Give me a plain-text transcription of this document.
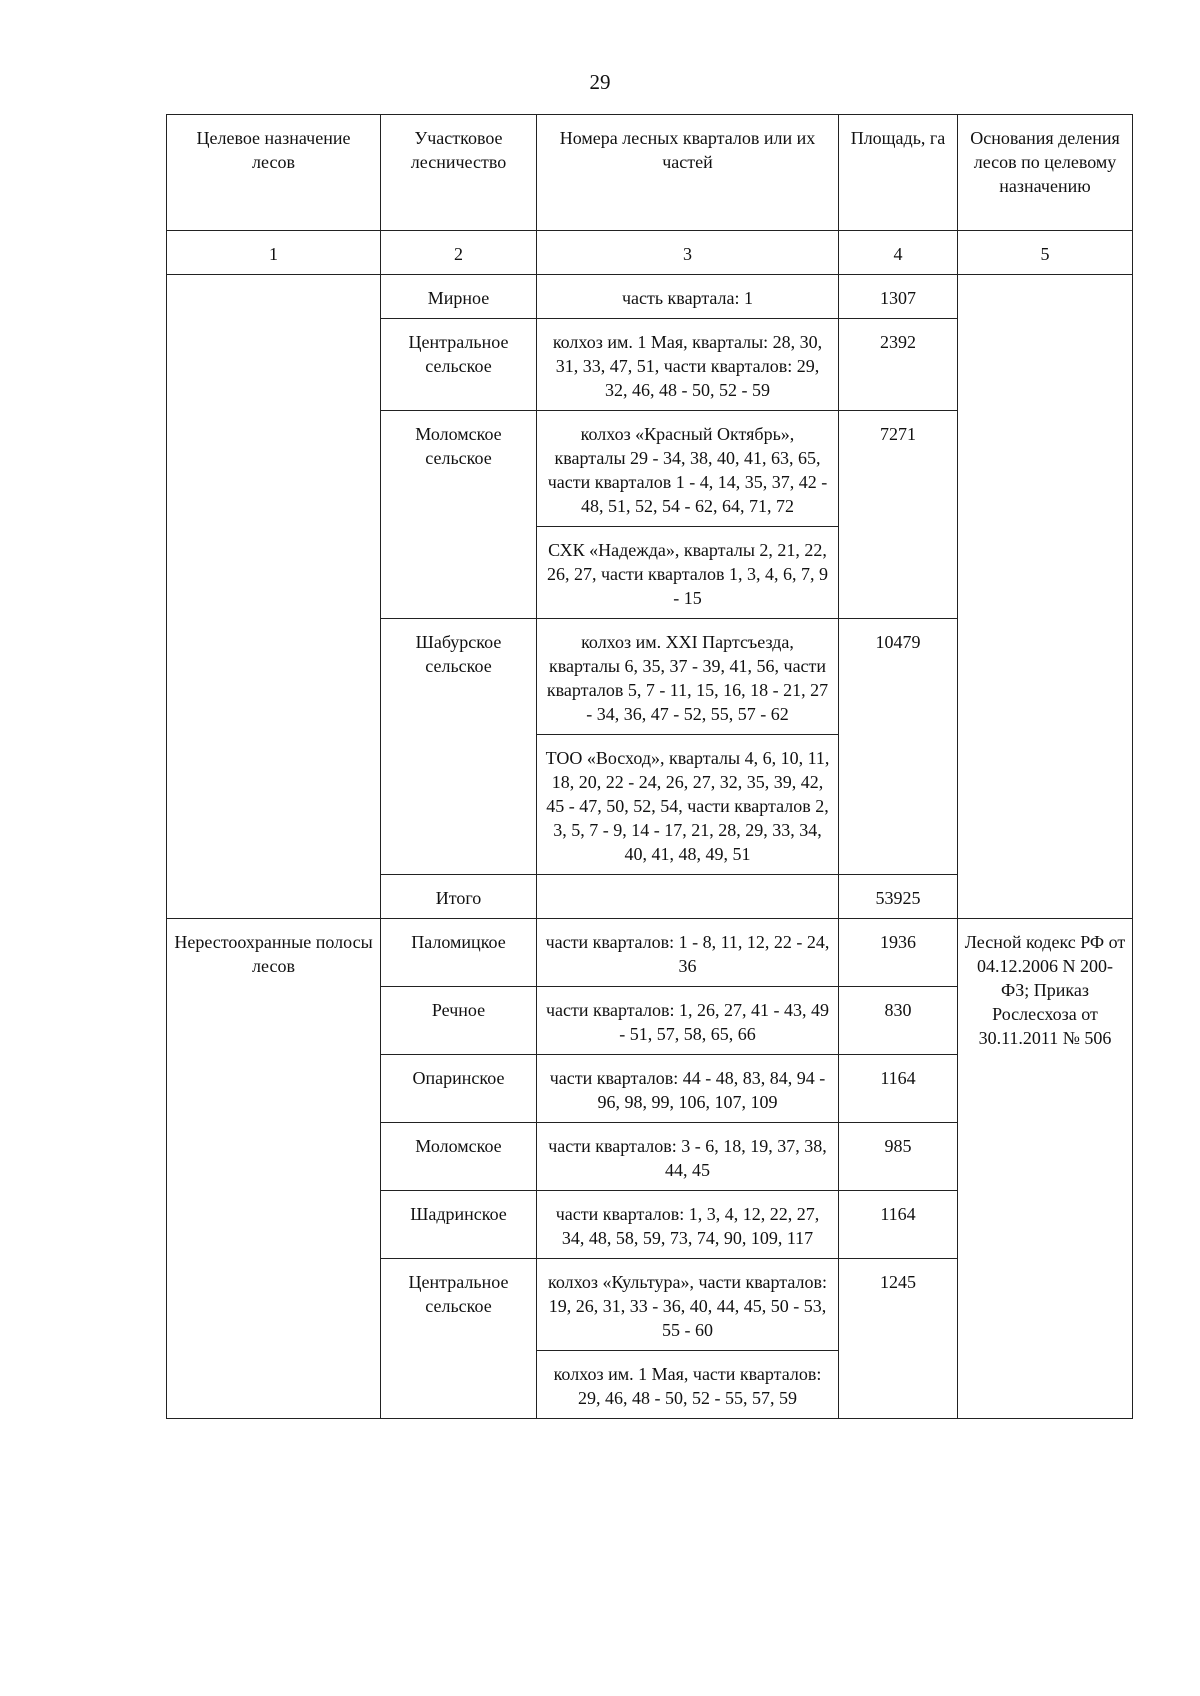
29
Целевое назначение лесов	Участковое лесничество	Номера лесных кварталов или их частей	Площадь, га	Основания деления лесов по целевому назначению
1	2	3	4	5
	Мирное	часть квартала: 1	1307	
	Центральное сельское	колхоз им. 1 Мая, кварталы: 28, 30, 31, 33, 47, 51, части кварталов: 29, 32, 46, 48 - 50, 52 - 59	2392	
	Моломское сельское	колхоз «Красный Октябрь», кварталы 29 - 34, 38, 40, 41, 63, 65, части кварталов 1 - 4, 14, 35, 37, 42 - 48, 51, 52, 54 - 62, 64, 71, 72	7271	
		СХК «Надежда», кварталы 2, 21, 22, 26, 27, части кварталов 1, 3, 4, 6, 7, 9 - 15		
	Шабурское сельское	колхоз им. XXI Партсъезда, кварталы 6, 35, 37 - 39, 41, 56, части кварталов 5, 7 - 11, 15, 16, 18 - 21, 27 - 34, 36, 47 - 52, 55, 57 - 62	10479	
		ТОО «Восход», кварталы 4, 6, 10, 11, 18, 20, 22 - 24, 26, 27, 32, 35, 39, 42, 45 - 47, 50, 52, 54, части кварталов 2, 3, 5, 7 - 9, 14 - 17, 21, 28, 29, 33, 34, 40, 41, 48, 49, 51		
	Итого		53925	
Нерестоохранные полосы лесов	Паломицкое	части кварталов: 1 - 8, 11, 12, 22 - 24, 36	1936	Лесной кодекс РФ от 04.12.2006 N 200-ФЗ; Приказ Рослесхоза от 30.11.2011 № 506
	Речное	части кварталов: 1, 26, 27, 41 - 43, 49 - 51, 57, 58, 65, 66	830	
	Опаринское	части кварталов: 44 - 48, 83, 84, 94 - 96, 98, 99, 106, 107, 109	1164	
	Моломское	части кварталов: 3 - 6, 18, 19, 37, 38, 44, 45	985	
	Шадринское	части кварталов: 1, 3, 4, 12, 22, 27, 34, 48, 58, 59, 73, 74, 90, 109, 117	1164	
	Центральное сельское	колхоз «Культура», части кварталов: 19, 26, 31, 33 - 36, 40, 44, 45, 50 - 53, 55 - 60	1245	
		колхоз им. 1 Мая, части кварталов: 29, 46, 48 - 50, 52 - 55, 57, 59		
